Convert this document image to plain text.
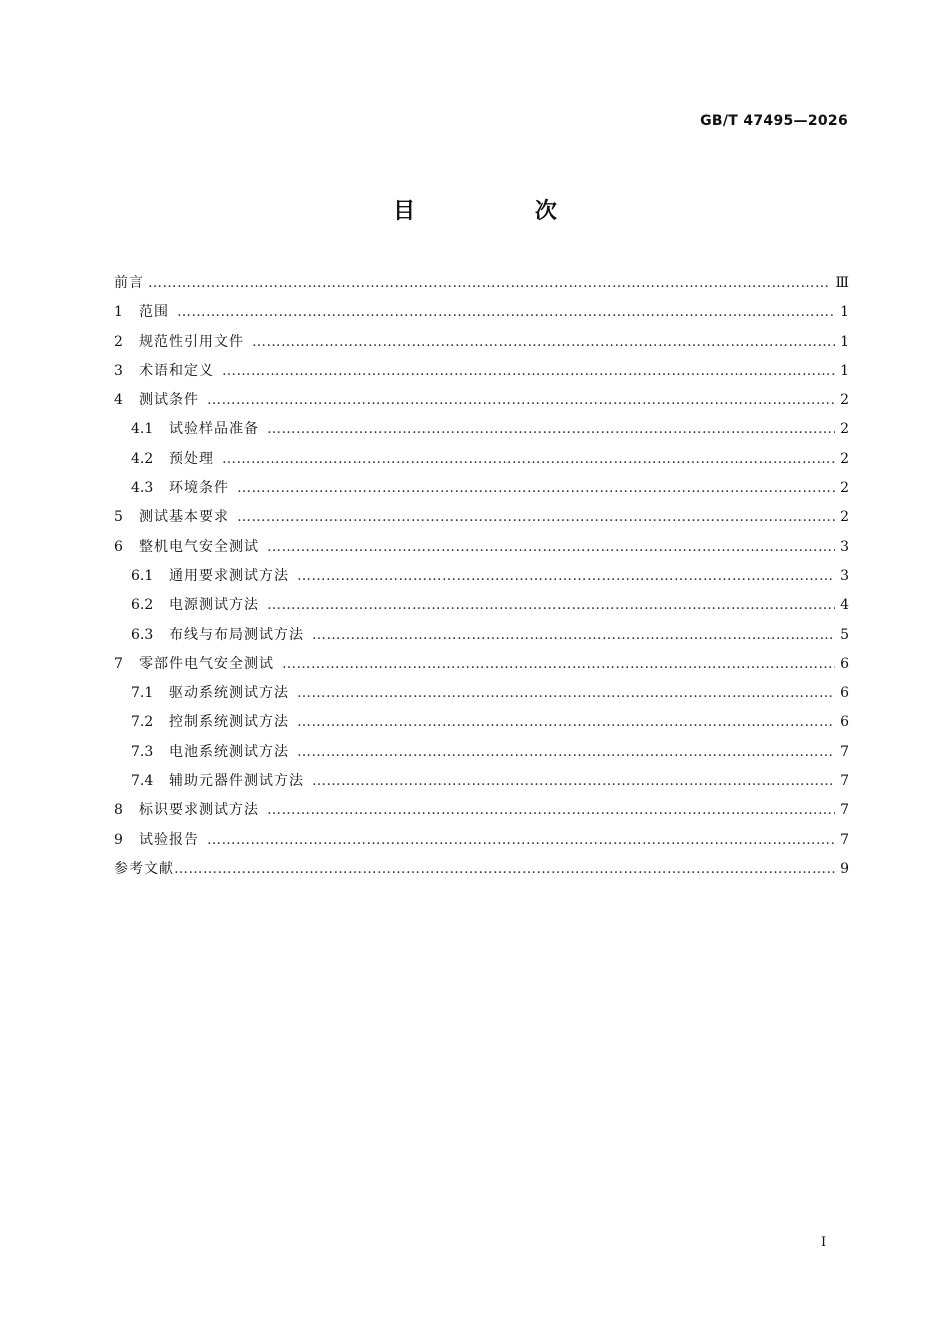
GB/T 47495—2026
目 次
前言 ……………………………………………………………………………………………………………………………………………………………………………………………	Ⅲ
1	范围 ……………………………………………………………………………………………………………………………………………………………………………………………	1
2	规范性引用文件 ……………………………………………………………………………………………………………………………………………………………………………………………	1
3	术语和定义 ……………………………………………………………………………………………………………………………………………………………………………………………	1
4	测试条件 ……………………………………………………………………………………………………………………………………………………………………………………………	2
4.1	试验样品准备 ……………………………………………………………………………………………………………………………………………………………………………………………	2
4.2	预处理 ……………………………………………………………………………………………………………………………………………………………………………………………	2
4.3	环境条件 ……………………………………………………………………………………………………………………………………………………………………………………………	2
5	测试基本要求 ……………………………………………………………………………………………………………………………………………………………………………………………	2
6	整机电气安全测试 ……………………………………………………………………………………………………………………………………………………………………………………………	3
6.1	通用要求测试方法 ……………………………………………………………………………………………………………………………………………………………………………………………	3
6.2	电源测试方法 ……………………………………………………………………………………………………………………………………………………………………………………………	4
6.3	布线与布局测试方法 ……………………………………………………………………………………………………………………………………………………………………………………………	5
7	零部件电气安全测试 ……………………………………………………………………………………………………………………………………………………………………………………………	6
7.1	驱动系统测试方法 ……………………………………………………………………………………………………………………………………………………………………………………………	6
7.2	控制系统测试方法 ……………………………………………………………………………………………………………………………………………………………………………………………	6
7.3	电池系统测试方法 ……………………………………………………………………………………………………………………………………………………………………………………………	7
7.4	辅助元器件测试方法 ……………………………………………………………………………………………………………………………………………………………………………………………	7
8	标识要求测试方法 ……………………………………………………………………………………………………………………………………………………………………………………………	7
9	试验报告 ……………………………………………………………………………………………………………………………………………………………………………………………	7
参考文献 ……………………………………………………………………………………………………………………………………………………………………………………………	9
I
